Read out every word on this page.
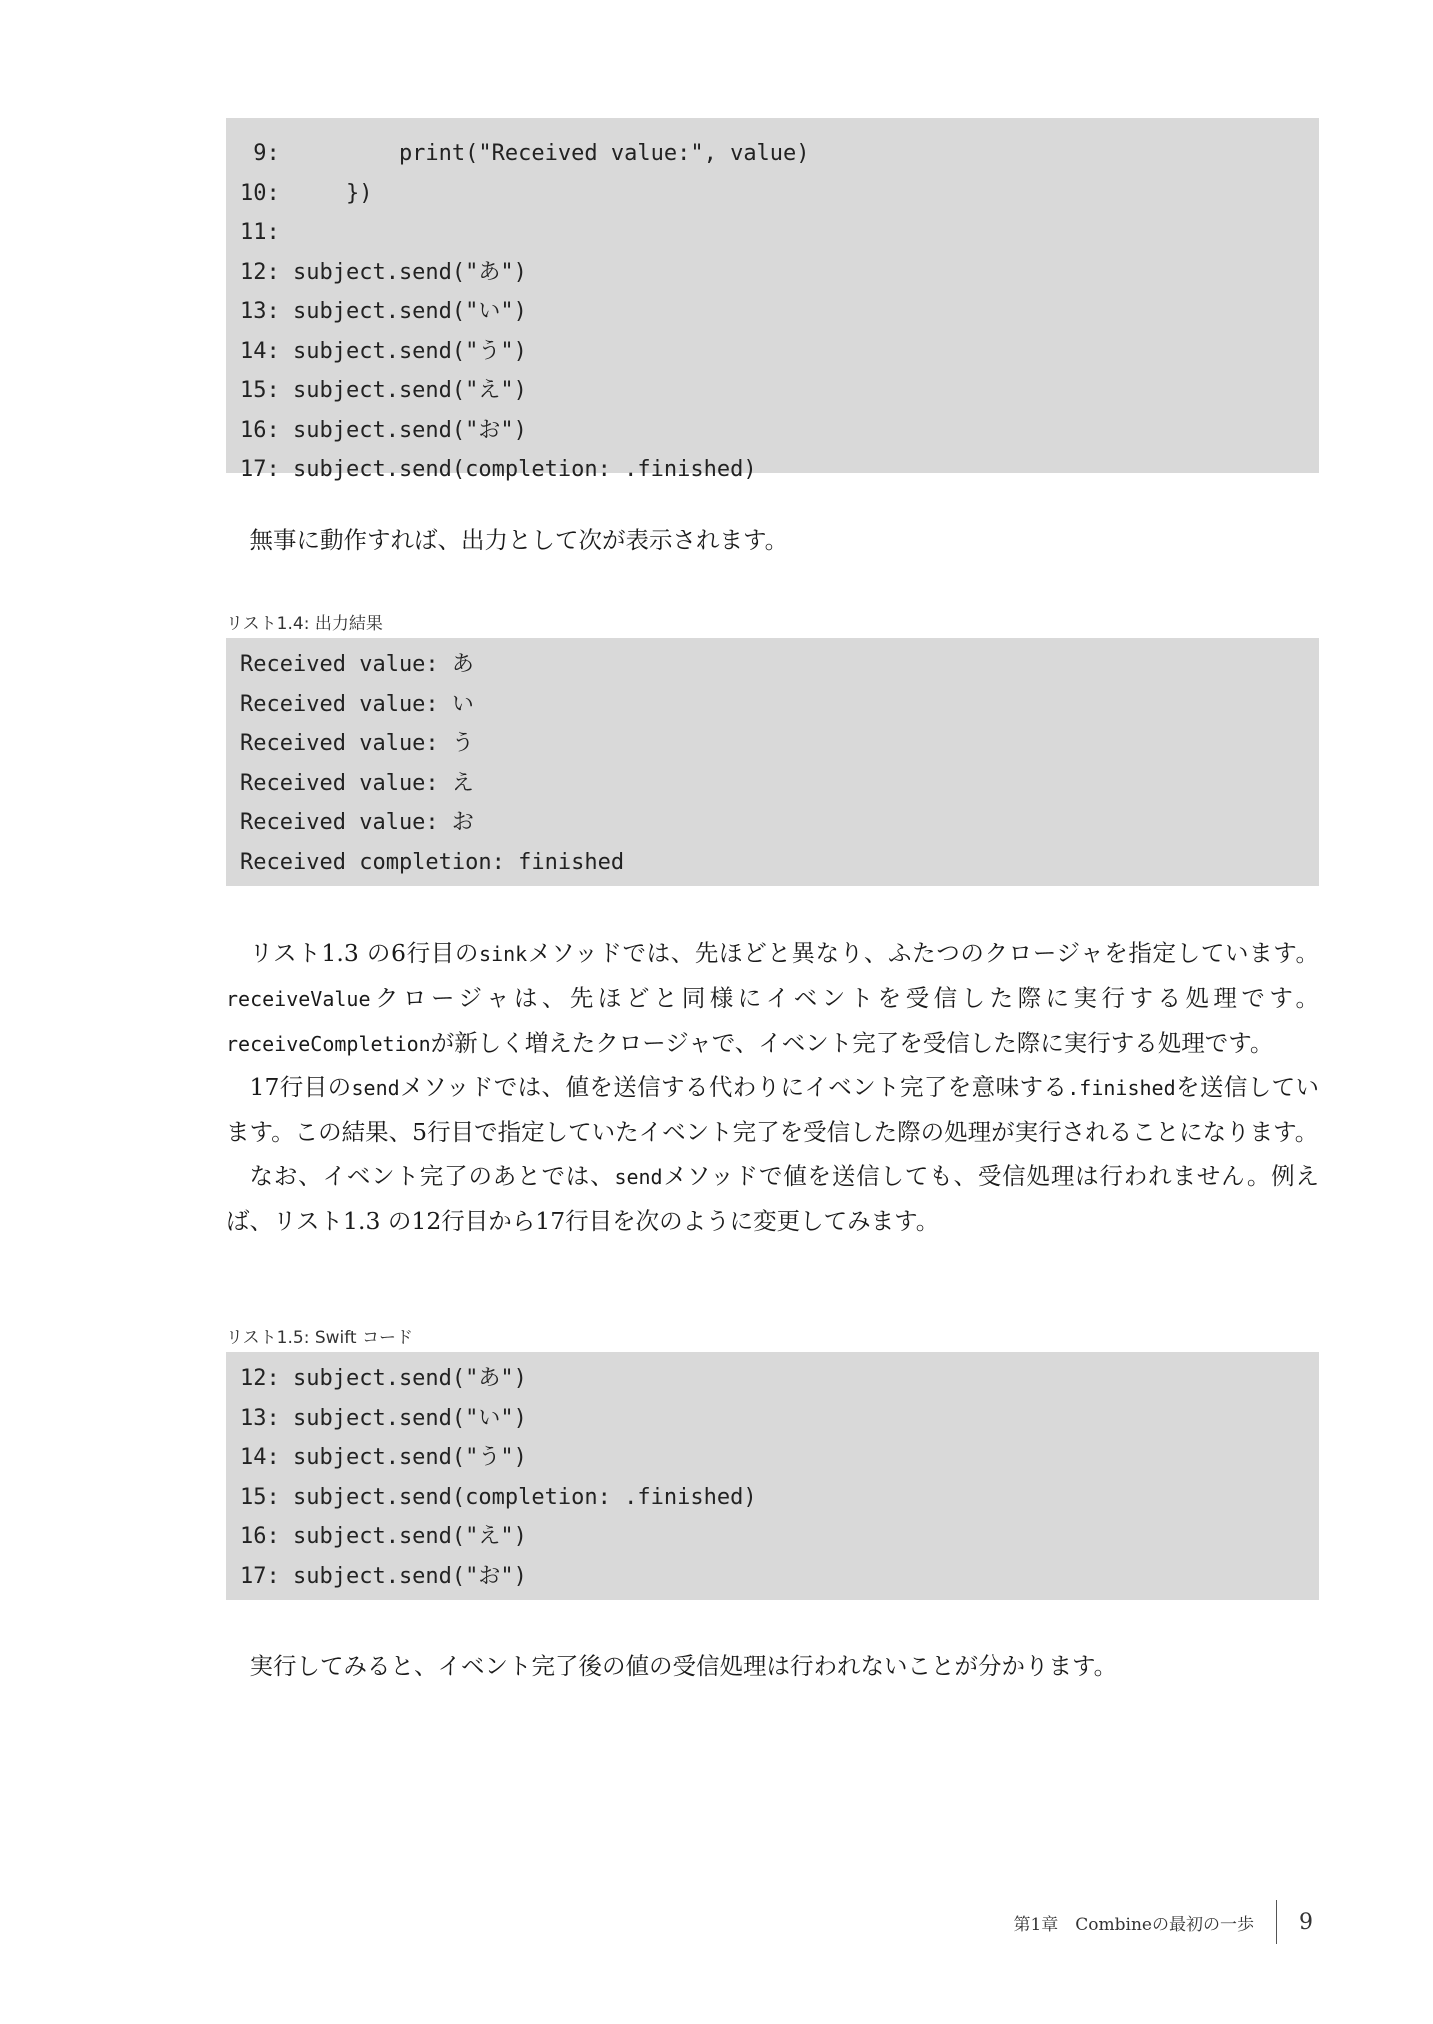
9:         print("Received value:", value)
10:     })
11:
12: subject.send("あ")
13: subject.send("い")
14: subject.send("う")
15: subject.send("え")
16: subject.send("お")
17: subject.send(completion: .finished)
無事に動作すれば、出力として次が表示されます。
リスト1.4: 出力結果
Received value: あ
Received value: い
Received value: う
Received value: え
Received value: お
Received completion: finished

リスト1.3 の6行目のsinkメソッドでは、先ほどと異なり、ふたつのクロージャを指定しています。receiveValueクロージャは、先ほどと同様にイベントを受信した際に実行する処理です。receiveCompletionが新しく増えたクロージャで、イベント完了を受信した際に実行する処理です。

17行目のsendメソッドでは、値を送信する代わりにイベント完了を意味する.finishedを送信しています。この結果、5行目で指定していたイベント完了を受信した際の処理が実行されることになります。

なお、イベント完了のあとでは、sendメソッドで値を送信しても、受信処理は行われません。例えば、リスト1.3 の12行目から17行目を次のように変更してみます。

リスト1.5: Swift コード
12: subject.send("あ")
13: subject.send("い")
14: subject.send("う")
15: subject.send(completion: .finished)
16: subject.send("え")
17: subject.send("お")
実行してみると、イベント完了後の値の受信処理は行われないことが分かります。
第1章　Combineの最初の一歩 9
